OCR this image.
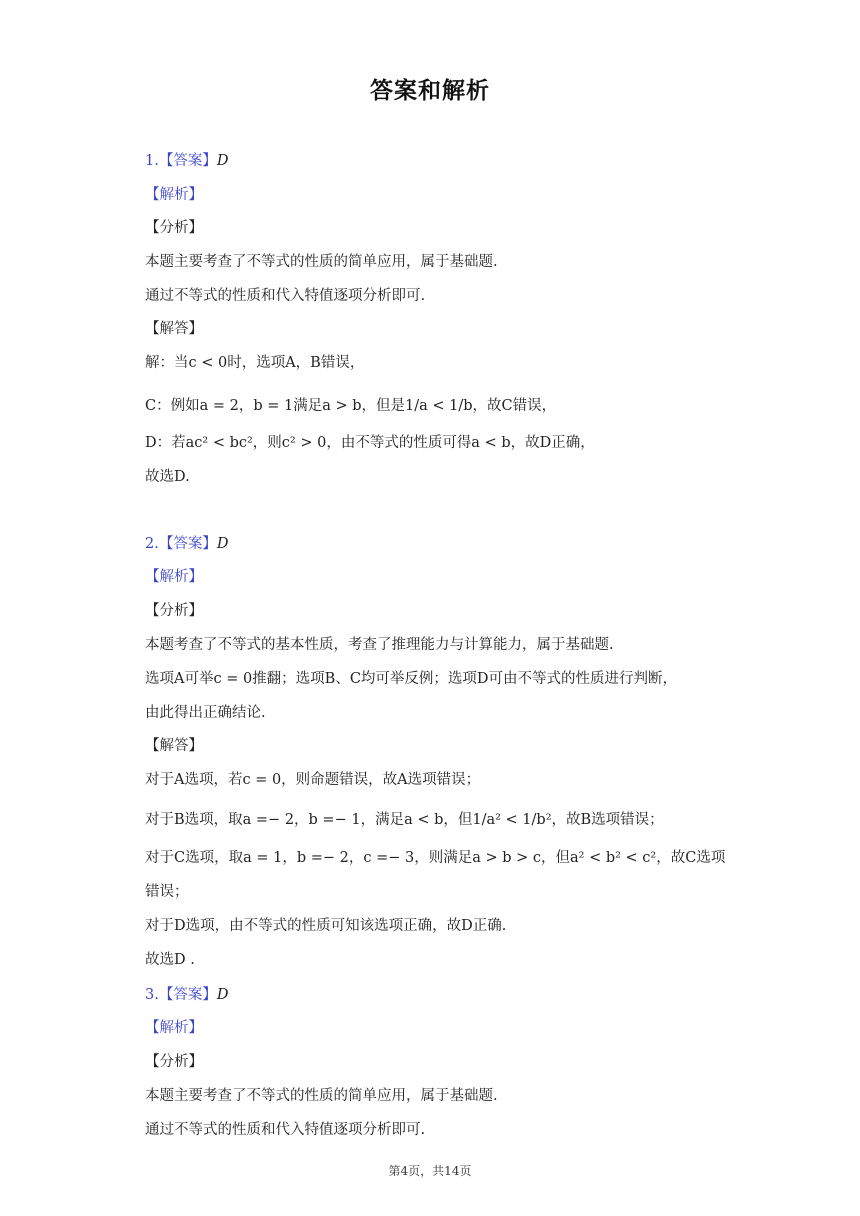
答案和解析
1.【答案】D
【解析】
【分析】
本题主要考查了不等式的性质的简单应用，属于基础题.
通过不等式的性质和代入特值逐项分析即可.
【解答】
解：当c < 0时，选项A，B错误，
C：例如a = 2，b = 1满足a > b，但是1/a < 1/b，故C错误，
D：若ac² < bc²，则c² > 0，由不等式的性质可得a < b，故D正确，
故选D.
2.【答案】D
【解析】
【分析】
本题考查了不等式的基本性质，考查了推理能力与计算能力，属于基础题.
选项A可举c = 0推翻；选项B、C均可举反例；选项D可由不等式的性质进行判断，
由此得出正确结论.
【解答】
对于A选项，若c = 0，则命题错误，故A选项错误；
对于B选项，取a =− 2，b =− 1，满足a < b，但1/a² < 1/b²，故B选项错误；
对于C选项，取a = 1，b =− 2，c =− 3，则满足a > b > c，但a² < b² < c²，故C选项
错误；
对于D选项，由不等式的性质可知该选项正确，故D正确.
故选D .
3.【答案】D
【解析】
【分析】
本题主要考查了不等式的性质的简单应用，属于基础题.
通过不等式的性质和代入特值逐项分析即可.
第4页，共14页
